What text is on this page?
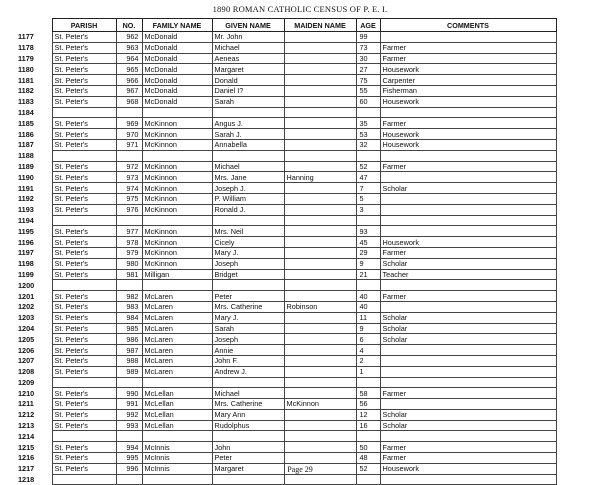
1890 ROMAN CATHOLIC CENSUS OF P. E. I.
	PARISH	NO.	FAMILY NAME	GIVEN NAME	MAIDEN NAME	AGE	COMMENTS
1177	St. Peter's	962	McDonald	Mr. John		99	
1178	St. Peter's	963	McDonald	Michael		73	Farmer
1179	St. Peter's	964	McDonald	Aeneas		30	Farmer
1180	St. Peter's	965	McDonald	Margaret		27	Housework
1181	St. Peter's	966	McDonald	Donald		75	Carpenter
1182	St. Peter's	967	McDonald	Daniel I?		55	Fisherman
1183	St. Peter's	968	McDonald	Sarah		60	Housework
1184							
1185	St. Peter's	969	McKinnon	Angus J.		35	Farmer
1186	St. Peter's	970	McKinnon	Sarah J.		53	Housework
1187	St. Peter's	971	McKinnon	Annabella		32	Housework
1188							
1189	St. Peter's	972	McKinnon	Michael		52	Farmer
1190	St. Peter's	973	McKinnon	Mrs. Jane	Hanning	47	
1191	St. Peter's	974	McKinnon	Joseph J.		7	Scholar
1192	St. Peter's	975	McKinnon	P. William		5	
1193	St. Peter's	976	McKinnon	Ronald J.		3	
1194							
1195	St. Peter's	977	McKinnon	Mrs. Neil		93	
1196	St. Peter's	978	McKinnon	Cicely		45	Housework
1197	St. Peter's	979	McKinnon	Mary J.		29	Farmer
1198	St. Peter's	980	McKinnon	Joseph		9	Scholar
1199	St. Peter's	981	Milligan	Bridget		21	Teacher
1200							
1201	St. Peter's	982	McLaren	Peter		40	Farmer
1202	St. Peter's	983	McLaren	Mrs. Catherine	Robinson	40	
1203	St. Peter's	984	McLaren	Mary J.		11	Scholar
1204	St. Peter's	985	McLaren	Sarah		9	Scholar
1205	St. Peter's	986	McLaren	Joseph		6	Scholar
1206	St. Peter's	987	McLaren	Annie		4	
1207	St. Peter's	988	McLaren	John F.		2	
1208	St. Peter's	989	McLaren	Andrew J.		1	
1209							
1210	St. Peter's	990	McLellan	Michael		58	Farmer
1211	St. Peter's	991	McLellan	Mrs. Catherine	McKinnon	56	
1212	St. Peter's	992	McLellan	Mary Ann		12	Scholar
1213	St. Peter's	993	McLellan	Rudolphus		16	Scholar
1214							
1215	St. Peter's	994	McInnis	John		50	Farmer
1216	St. Peter's	995	McInnis	Peter		48	Farmer
1217	St. Peter's	996	McInnis	Margaret		52	Housework
1218							
Page 29
